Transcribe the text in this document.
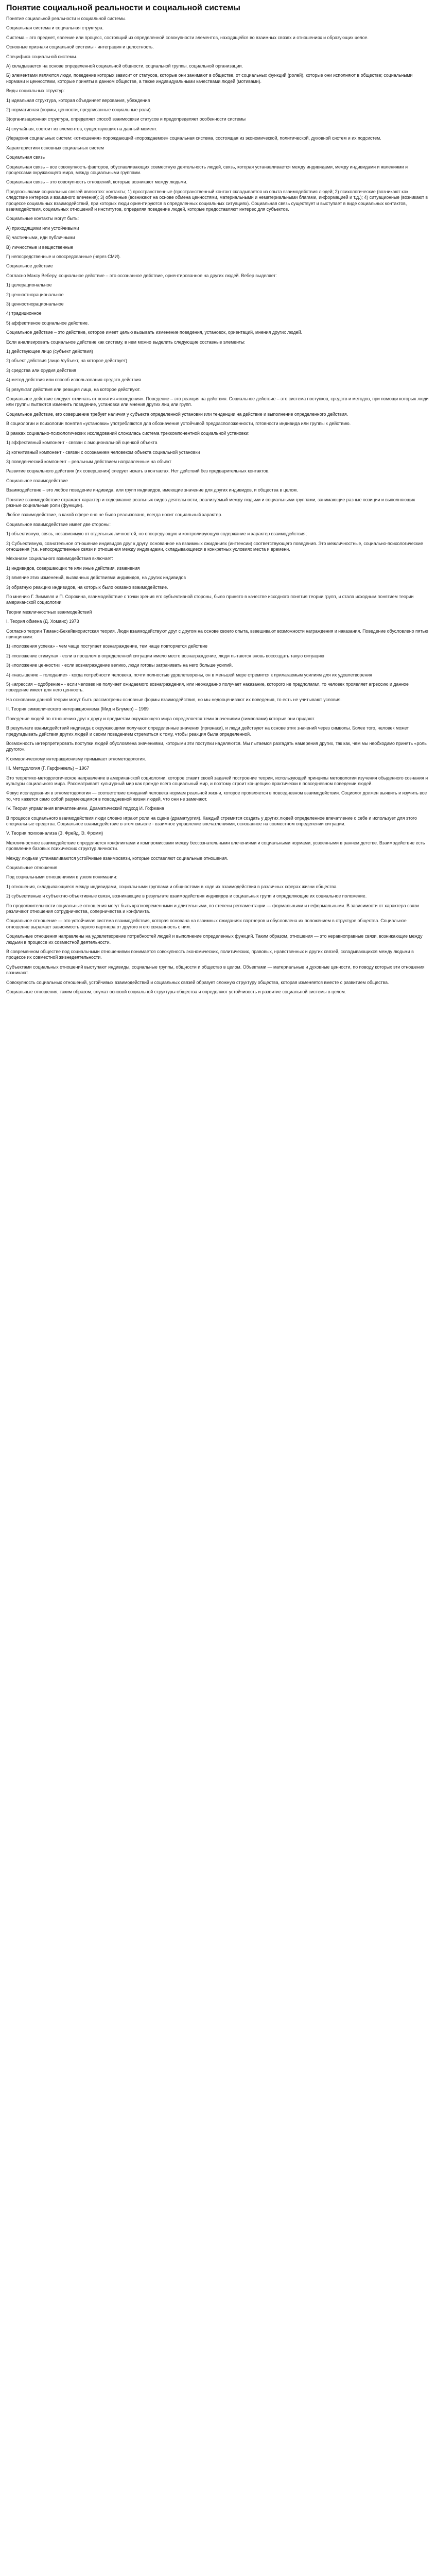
Понятие социальной реальности и социальной системы

Понятие социальной реальности и социальной системы.

Социальная система и социальная структура.

Система – это предмет, явление или процесс, состоящий из определенной совокупности элементов, находящейся во взаимных связях и отношениях и образующих целое.

Основные признаки социальной системы - интеграция и целостность.

Специфика социальной системы.

А) складывается на основе определенной социальной общности, социальной группы, социальной организации.

Б) элементами являются люди, поведение которых зависит от статусов, которые они занимают в обществе, от социальных функций (ролей), которые они исполняют в обществе; социальными нормами и ценностями, которые приняты в данном обществе, а также индивидуальными качествами людей (мотивами).

Виды социальных структур:

1) идеальная структура, которая объединяет верования, убеждения

2) нормативная (нормы, ценности, предписанные социальные роли)

3)организационная структура, определяет способ взаимосвязи статусов и предопределяет особенности системы

4) случайная, состоит из элементов, существующих на данный момент.

(Иерархия социальных систем: «отношения» порождающий «порождаемое» социальная система, состоящая из экономической, политической, духовной систем и их подсистем.

Характеристики основных социальных систем

Социальная связь

Социальная связь – все совокупность факторов, обуславливающих совместную деятельность людей, связь, которая устанавливается между индивидами, между индивидами и явлениями и процессами окружающего мира, между социальными группами.

Социальная связь – это совокупность отношений, которые возникают между людьми.

Предпосылками социальных связей являются: контакты; 1) пространственные (пространственный контакт складывается из опыта взаимодействия людей; 2) психологические (возникают как следствие интереса и взаимного влечения); 3) обменные (возникают на основе обмена ценностями, материальными и нематериальными благами, информацией и т.д.); 4) ситуационные (возникают в процессе социальных взаимодействий, при которых люди ориентируются в определенных социальных ситуациях). Социальная связь существует и выступает в виде социальных контактов, взаимодействия, социальных отношений и институтов, определяя поведение людей, которые предоставляют интерес для субъектов.

Социальные контакты могут быть:

А) приходящими или устойчивыми

Б) частичными, иди публичными

В) личностные и вещественные

Г) непосредственные и опосредованные (через СМИ).

Социальное действие

Согласно Максу Веберу, социальное действие – это осознанное действие, ориентированное на других людей. Вебер выделяет:

1) целерациональное

2) ценностнорациональное

3) ценностнорациональное

4) традиционное

5) аффективное социальное действие.

Социальное действие – это действие, которое имеет целью вызывать изменение поведения, установок, ориентаций, мнения других людей.

Если анализировать социальное действие как систему, в нем можно выделить следующие составные элементы:

1) действующее лицо (субъект действия)

2) объект действия (лицо /субъект, на которое действует)

3) средства или орудия действия

4) метод действия или способ использования средств действия

5) результат действия или реакция лица, на которое действуют.

Социальное действие следует отличать от понятия «поведения». Поведение – это реакция на действия. Социальное действие – это система поступков, средств и методов, при помощи которых люди или группы пытаются изменить поведение, установки или мнения других лиц или групп.

Социальное действие, его совершение требует наличия у субъекта определенной установки или тенденции на действие и выполнение определенного действия.

В социологии и психологии понятия «установки» употребляются для обозначения устойчивой предрасположенности, готовности индивида или группы к действию.

В рамках социально-психологических исследований сложилась система трехкомпонентной социальной установки:

1) эффективный компонент - связан с эмоциональной оценкой объекта

2) когнитивный компонент - связан с осознанием человеком объекта социальной установки

3) поведенческий компонент – реальным действием направленным на объект

Развитие социального действия (их совершения) следует искать в контактах. Нет действий без предварительных контактов.

Социальное взаимодействие

Взаимодействие – это любое поведение индивида, или групп индивидов, имеющие значение для других индивидов, и общества в целом.

Понятие взаимодействие отражает характер и содержание реальных видов деятельности, реализуемый между людьми и социальными группами, занимающие разные позиции и выполняющих разные социальные роли (функции).

Любое взаимодействие, в какой сфере оно не было реализовано, всегда носит социальный характер.

Социальное взаимодействие имеет две стороны:

1) объективную, связь, независимую от отдельных личностей, но опосредующую и контролирующую содержание и характер взаимодействия;

2) Субъективную, сознательное отношение индивидов друг к другу, основанное на взаимных ожиданиях (ингтенсии) соответствующего поведения. Это межличностные, социально-психологические отношения (т.е. непосредственные связи и отношения между индивидами, складывающиеся в конкретных условиях места и времени.

Механизм социального взаимодействия включает:

1) индивидов, совершающих те или иные действия, изменения

2) влияние этих изменений, вызванных действиями индивидов, на других индивидов

3) обратную реакцию индивидов, на которых было оказано взаимодействие.

По мнению Г. Зиммеля и П. Сорокина, взаимодействие с точки зрения его субъективной стороны, было принято в качестве исходного понятия теории групп, и стала исходным понятием теории американской социологии

Теории межличностных взаимодействий

I. Теория обмена (Д. Хоманс) 1973

Согласно теории Тиманс-Бехейвиористская теория. Люди взаимодействуют друг с другом на основе своего опыта, взвешивают возможности награждения и наказания. Поведение обусловлено пятью принципами:

1) «положения успеха» - чем чаще поступает вознаграждение, тем чаще повторяется действие

2) «положение стимула» - если в прошлом в определенной ситуации имело место вознаграждение, люди пытаются вновь воссоздать такую ситуацию

3) «положение ценности» - если вознаграждение велико, люди готовы затрачивать на него больше усилий.

4) «насыщение – голодание» - когда потребности человека, почти полностью удовлетворены, он в меньшей мере стремится к прилагаемым усилиям для их удовлетворения

5) «агрессия – одобрение» - если человек не получает ожидаемого вознаграждения, или неожиданно получает наказание, которого не предполагал, то человек проявляет агрессию и данное поведение имеет для него ценность.

На основании данной теории могут быть рассмотрены основные формы взаимодействия, но мы недооценивают их поведения, то есть не учитывают условия.

II. Теория символического интеракционизма (Мид и Блумер) – 1969

Поведение людей по отношению друг к другу и предметам окружающего мира определяется теми значениями (символами) которые они придают.

В результате взаимодействий индивида с окружающими получают определенные значения (признаки), и люди действуют на основе этих значений через символы. Более того, человек может предугадывать действия других людей и своим поведением стремиться к тому, чтобы реакция была определенной.

Возможность интерпретировать поступки людей обусловлена значениями, которыми эти поступки наделяются. Мы пытаемся разгадать намерения других, так как, чем мы необходимо принять «роль другого».

К символическому интеракционизму примыкает этнометодология.

III. Методология (Г. Гарфинкель) – 1967

Это теоретико-методологическое направление в американской социологии, которое ставит своей задачей построение теории, использующей принципы методологии изучения обыденного сознания и культуры социального мира. Рассматривает культурный мир как прежде всего социальный мир, и поэтому строит концепцию практически в повседневном поведении людей.

Фокус исследования в этнометодологии — соответствие ожиданий человека нормам реальной жизни, которое проявляется в повседневном взаимодействии. Социолог должен выявить и изучить все то, что кажется само собой разумеющимся в повседневной жизни людей, что они не замечают.

IV. Теория управления впечатлениями. Драматический подход И. Гофмана

В процессе социального взаимодействия люди словно играют роли на сцене (драматургия). Каждый стремится создать у других людей определенное впечатление о себе и использует для этого специальные средства. Социальное взаимодействие в этом смысле - взаимное управление впечатлениями, основанное на совместном определении ситуации.

V. Теория психоанализа (З. Фрейд, Э. Фромм)

Межличностное взаимодействие определяется конфликтами и компромиссами между бессознательными влечениями и социальными нормами, усвоенными в раннем детстве. Взаимодействие есть проявление базовых психических структур личности.

Между людьми устанавливаются устойчивые взаимосвязи, которые составляют социальные отношения.

Социальные отношения

Под социальными отношениями в узком понимании:

1) отношения, складывающиеся между индивидами, социальными группами и общностями в ходе их взаимодействия в различных сферах жизни общества.

2) субъективные и субъектно-объективные связи, возникающие в результате взаимодействия индивидов и социальных групп и определяющие их социальное положение.

По продолжительности социальные отношения могут быть кратковременными и длительными, по степени регламентации — формальными и неформальными. В зависимости от характера связи различают отношения сотрудничества, соперничества и конфликта.

Социальное отношение — это устойчивая система взаимодействия, которая основана на взаимных ожиданиях партнеров и обусловлена их положением в структуре общества. Социальное отношение выражает зависимость одного партнера от другого и его связанность с ним.

Социальные отношения направлены на удовлетворение потребностей людей и выполнение определенных функций. Таким образом, отношения — это неравноправные связи, возникающие между людьми в процессе их совместной деятельности.

В современном обществе под социальными отношениями понимается совокупность экономических, политических, правовых, нравственных и других связей, складывающихся между людьми в процессе их совместной жизнедеятельности.

Субъектами социальных отношений выступают индивиды, социальные группы, общности и общество в целом. Объектами — материальные и духовные ценности, по поводу которых эти отношения возникают.

Совокупность социальных отношений, устойчивых взаимодействий и социальных связей образует сложную структуру общества, которая изменяется вместе с развитием общества.

Социальные отношения, таким образом, служат основой социальной структуры общества и определяют устойчивость и развитие социальной системы в целом.
